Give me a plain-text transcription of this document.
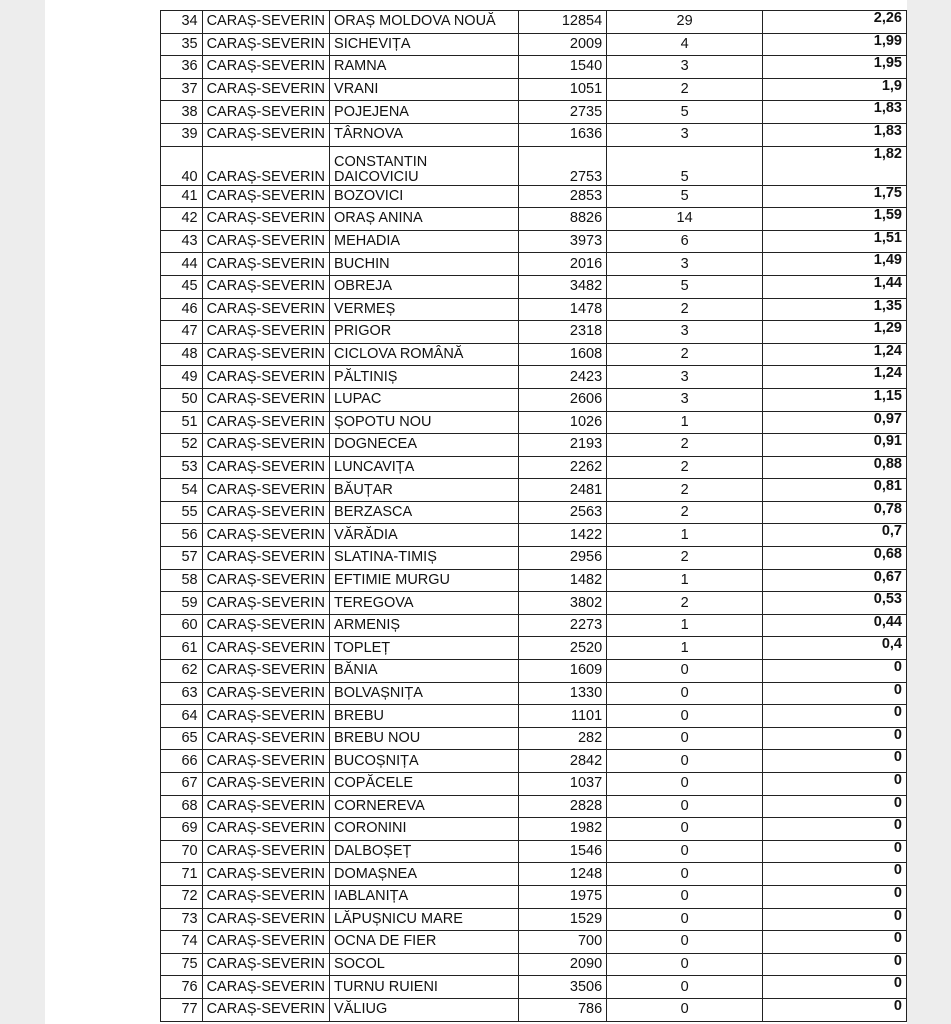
34	CARAȘ-SEVERIN	ORAȘ MOLDOVA NOUĂ	12854	29	2,26
35	CARAȘ-SEVERIN	SICHEVIȚA	2009	4	1,99
36	CARAȘ-SEVERIN	RAMNA	1540	3	1,95
37	CARAȘ-SEVERIN	VRANI	1051	2	1,9
38	CARAȘ-SEVERIN	POJEJENA	2735	5	1,83
39	CARAȘ-SEVERIN	TÂRNOVA	1636	3	1,83
40	CARAȘ-SEVERIN	CONSTANTIN DAICOVICIU	2753	5	1,82
41	CARAȘ-SEVERIN	BOZOVICI	2853	5	1,75
42	CARAȘ-SEVERIN	ORAȘ ANINA	8826	14	1,59
43	CARAȘ-SEVERIN	MEHADIA	3973	6	1,51
44	CARAȘ-SEVERIN	BUCHIN	2016	3	1,49
45	CARAȘ-SEVERIN	OBREJA	3482	5	1,44
46	CARAȘ-SEVERIN	VERMEȘ	1478	2	1,35
47	CARAȘ-SEVERIN	PRIGOR	2318	3	1,29
48	CARAȘ-SEVERIN	CICLOVA ROMÂNĂ	1608	2	1,24
49	CARAȘ-SEVERIN	PĂLTINIȘ	2423	3	1,24
50	CARAȘ-SEVERIN	LUPAC	2606	3	1,15
51	CARAȘ-SEVERIN	ȘOPOTU NOU	1026	1	0,97
52	CARAȘ-SEVERIN	DOGNECEA	2193	2	0,91
53	CARAȘ-SEVERIN	LUNCAVIȚA	2262	2	0,88
54	CARAȘ-SEVERIN	BĂUȚAR	2481	2	0,81
55	CARAȘ-SEVERIN	BERZASCA	2563	2	0,78
56	CARAȘ-SEVERIN	VĂRĂDIA	1422	1	0,7
57	CARAȘ-SEVERIN	SLATINA-TIMIȘ	2956	2	0,68
58	CARAȘ-SEVERIN	EFTIMIE MURGU	1482	1	0,67
59	CARAȘ-SEVERIN	TEREGOVA	3802	2	0,53
60	CARAȘ-SEVERIN	ARMENIȘ	2273	1	0,44
61	CARAȘ-SEVERIN	TOPLEȚ	2520	1	0,4
62	CARAȘ-SEVERIN	BĂNIA	1609	0	0
63	CARAȘ-SEVERIN	BOLVAȘNIȚA	1330	0	0
64	CARAȘ-SEVERIN	BREBU	1101	0	0
65	CARAȘ-SEVERIN	BREBU NOU	282	0	0
66	CARAȘ-SEVERIN	BUCOȘNIȚA	2842	0	0
67	CARAȘ-SEVERIN	COPĂCELE	1037	0	0
68	CARAȘ-SEVERIN	CORNEREVA	2828	0	0
69	CARAȘ-SEVERIN	CORONINI	1982	0	0
70	CARAȘ-SEVERIN	DALBOȘEȚ	1546	0	0
71	CARAȘ-SEVERIN	DOMAȘNEA	1248	0	0
72	CARAȘ-SEVERIN	IABLANIȚA	1975	0	0
73	CARAȘ-SEVERIN	LĂPUȘNICU MARE	1529	0	0
74	CARAȘ-SEVERIN	OCNA DE FIER	700	0	0
75	CARAȘ-SEVERIN	SOCOL	2090	0	0
76	CARAȘ-SEVERIN	TURNU RUIENI	3506	0	0
77	CARAȘ-SEVERIN	VĂLIUG	786	0	0
